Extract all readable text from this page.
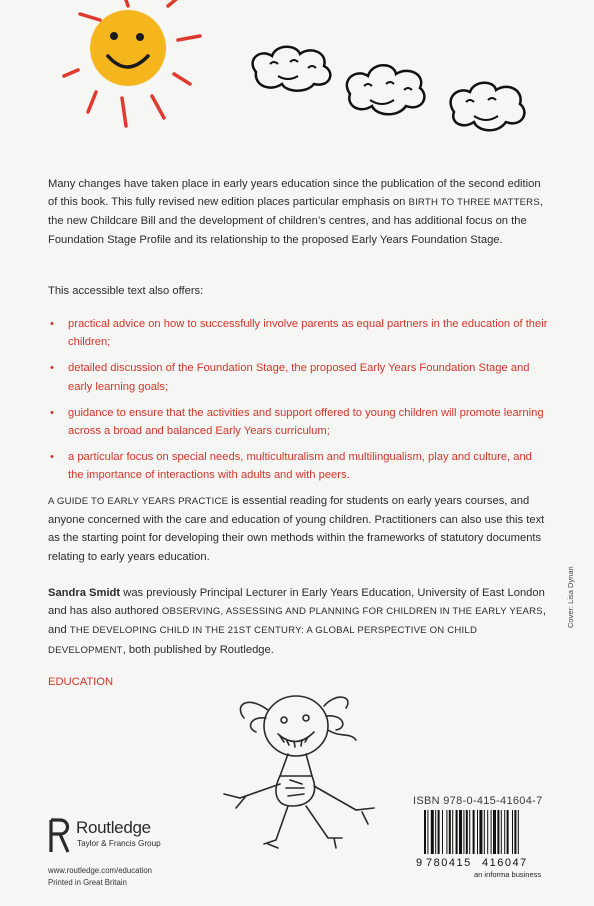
Many changes have taken place in early years education since the publication of the second edition of this book. This fully revised new edition places particular emphasis on BIRTH TO THREE MATTERS, the new Childcare Bill and the development of children’s centres, and has additional focus on the Foundation Stage Profile and its relationship to the proposed Early Years Foundation Stage.

This accessible text also offers:

• practical advice on how to successfully involve parents as equal partners in the education of their children;
• detailed discussion of the Foundation Stage, the proposed Early Years Foundation Stage and early learning goals;
• guidance to ensure that the activities and support offered to young children will promote learning across a broad and balanced Early Years curriculum;
• a particular focus on special needs, multiculturalism and multilingualism, play and culture, and the importance of interactions with adults and with peers.

A GUIDE TO EARLY YEARS PRACTICE is essential reading for students on early years courses, and anyone concerned with the care and education of young children. Practitioners can also use this text as the starting point for developing their own methods within the frameworks of statutory documents relating to early years education.

Sandra Smidt was previously Principal Lecturer in Early Years Education, University of East London and has also authored OBSERVING, ASSESSING AND PLANNING FOR CHILDREN IN THE EARLY YEARS, and THE DEVELOPING CHILD IN THE 21ST CENTURY: A GLOBAL PERSPECTIVE ON CHILD DEVELOPMENT, both published by Routledge.

EDUCATION
Cover: Lisa Dynan
Routledge
Taylor & Francis Group
www.routledge.com/education
Printed in Great Britain
ISBN 978-0-415-41604-7
9 780415 416047
an informa business
